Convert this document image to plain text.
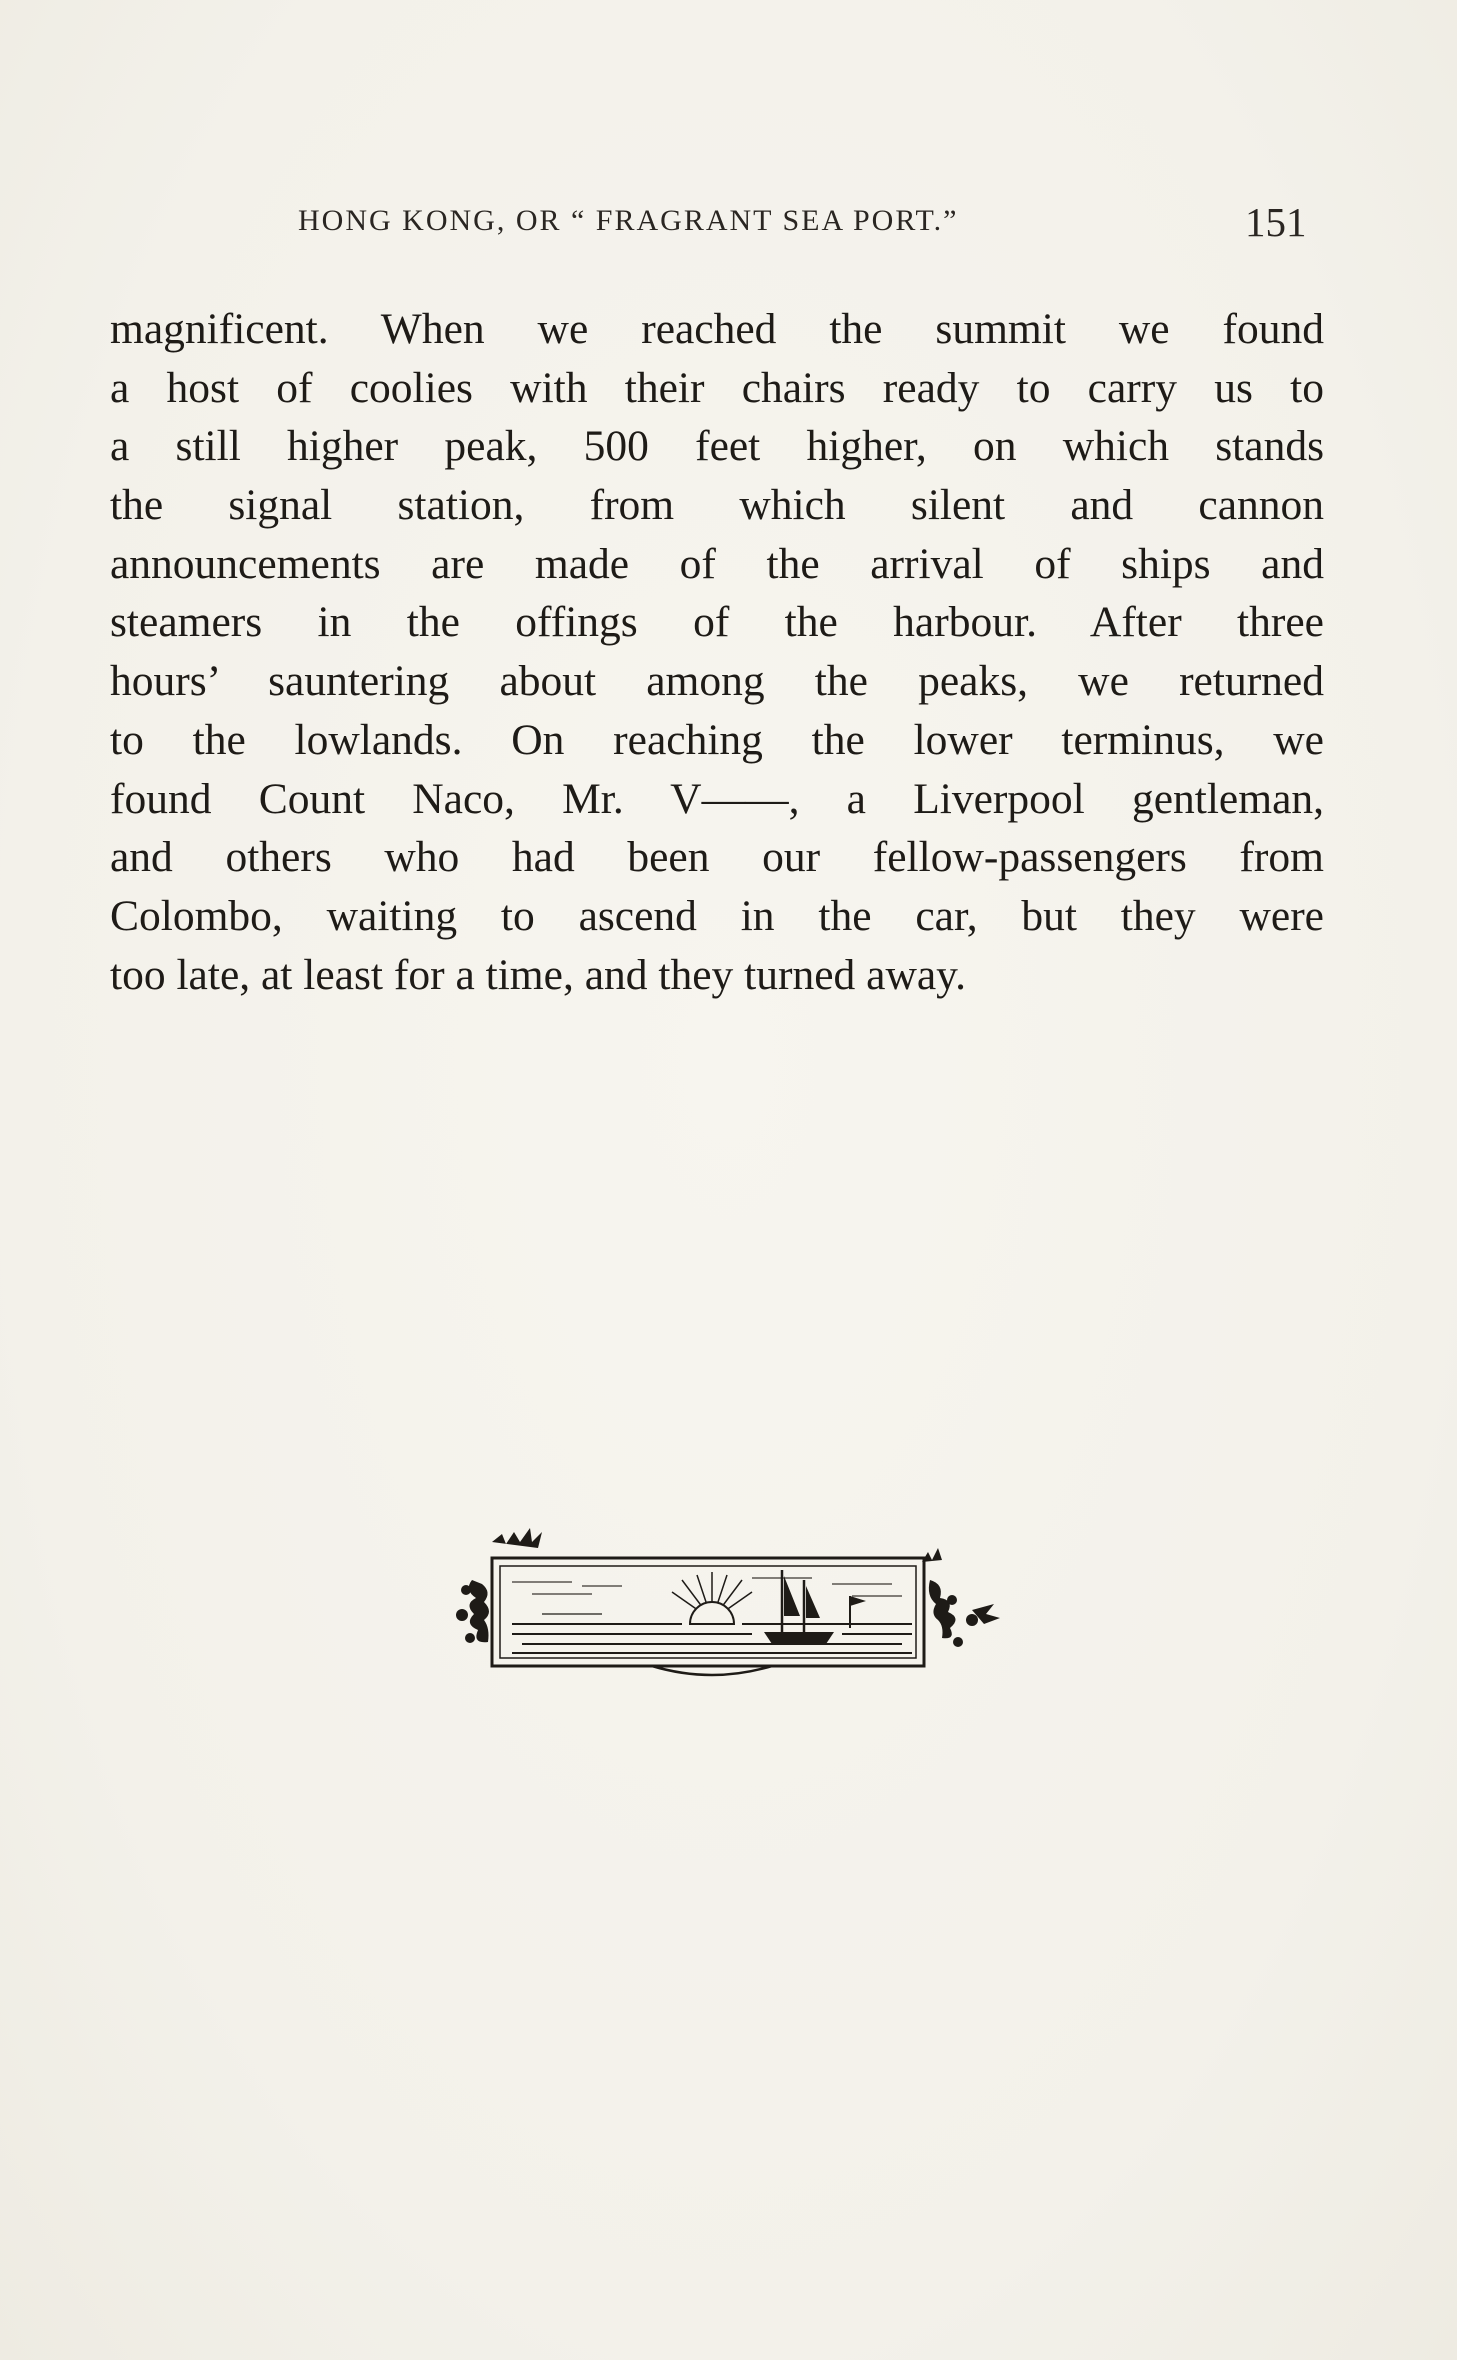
HONG KONG, OR “ FRAGRANT SEA PORT.”	151
magnificent. When we reached the summit we found
a host of coolies with their chairs ready to carry us to
a still higher peak, 500 feet higher, on which stands
the signal station, from which silent and cannon
announcements are made of the arrival of ships and
steamers in the offings of the harbour. After three
hours’ sauntering about among the peaks, we returned
to the lowlands. On reaching the lower terminus, we
found Count Naco, Mr. V——, a Liverpool gentleman,
and others who had been our fellow-passengers from
Colombo, waiting to ascend in the car, but they were
too late, at least for a time, and they turned away.
